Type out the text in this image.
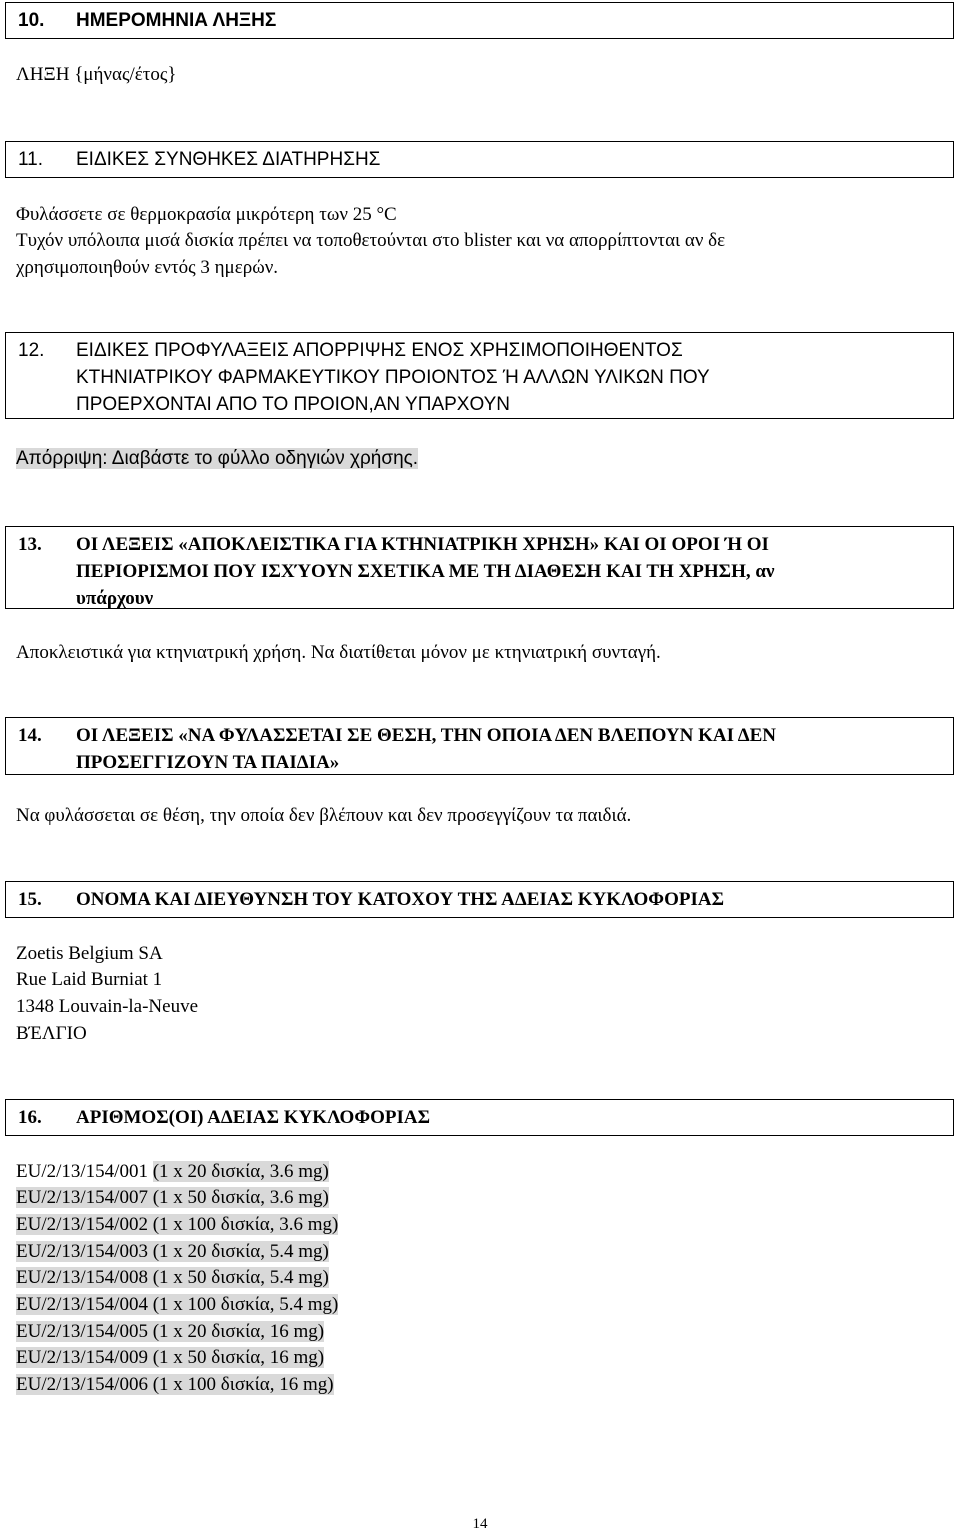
10.	ΗΜΕΡΟΜΗΝΙΑ ΛΗΞΗΣ
ΛΗΞΗ {μήνας/έτος}
11.	ΕΙΔΙΚΕΣ ΣΥΝΘΗΚΕΣ ΔΙΑΤΗΡΗΣΗΣ
Φυλάσσετε σε θερμοκρασία μικρότερη των 25 °C
Τυχόν υπόλοιπα μισά δισκία πρέπει να τοποθετούνται στο blister και να απορρίπτονται αν δε
χρησιμοποιηθούν εντός 3 ημερών.
12.	ΕΙΔΙΚΕΣ ΠΡΟΦΥΛΑΞΕΙΣ ΑΠΟΡΡΙΨΗΣ ΕΝΟΣ ΧΡΗΣΙΜΟΠΟΙΗΘΕΝΤΟΣ
ΚΤΗΝΙΑΤΡΙΚΟΥ ΦΑΡΜΑΚΕΥΤΙΚΟΥ ΠΡΟΙΟΝΤΟΣ Ή ΑΛΛΩΝ ΥΛΙΚΩΝ ΠΟΥ
ΠΡΟΕΡΧΟΝΤΑΙ ΑΠΟ ΤΟ ΠΡΟΙΟΝ,ΑΝ ΥΠΑΡΧΟΥΝ
Απόρριψη: Διαβάστε το φύλλο οδηγιών χρήσης.
13.	ΟΙ ΛΕΞΕΙΣ «ΑΠΟΚΛΕΙΣΤΙΚΑ ΓΙΑ ΚΤΗΝΙΑΤΡΙΚΗ ΧΡΗΣΗ» ΚΑΙ ΟΙ ΟΡΟΙ Ή ΟΙ
ΠΕΡΙΟΡΙΣΜΟΙ ΠΟΥ ΙΣΧΎΟΥΝ ΣΧΕΤΙΚΑ ΜΕ ΤΗ ΔΙΑΘΕΣΗ ΚΑΙ ΤΗ ΧΡΗΣΗ, αν
υπάρχουν
Αποκλειστικά για κτηνιατρική χρήση. Να διατίθεται μόνον με κτηνιατρική συνταγή.
14.	ΟΙ ΛΕΞΕΙΣ «ΝΑ ΦΥΛΑΣΣΕΤΑΙ ΣΕ ΘΕΣΗ, ΤΗΝ ΟΠΟΙΑ ΔΕΝ ΒΛΕΠΟΥΝ ΚΑΙ ΔΕΝ
ΠΡΟΣΕΓΓΙΖΟΥΝ ΤΑ ΠΑΙΔΙΑ»
Να φυλάσσεται σε θέση, την οποία δεν βλέπουν και δεν προσεγγίζουν τα παιδιά.
15.	ΟΝΟΜΑ ΚΑΙ ΔΙΕΥΘΥΝΣΗ ΤΟΥ ΚΑΤΟΧΟΥ ΤΗΣ ΑΔΕΙΑΣ ΚΥΚΛΟΦΟΡΙΑΣ
Zoetis Belgium SA
Rue Laid Burniat 1
1348 Louvain-la-Neuve
ΒΈΛΓΙΟ
16.	ΑΡΙΘΜΟΣ(ΟΙ) ΑΔΕΙΑΣ ΚΥΚΛΟΦΟΡΙΑΣ
EU/2/13/154/001 (1 x 20 δισκία, 3.6 mg)
EU/2/13/154/007 (1 x 50 δισκία, 3.6 mg)
EU/2/13/154/002 (1 x 100 δισκία, 3.6 mg)
EU/2/13/154/003 (1 x 20 δισκία, 5.4 mg)
EU/2/13/154/008 (1 x 50 δισκία, 5.4 mg)
EU/2/13/154/004 (1 x 100 δισκία, 5.4 mg)
EU/2/13/154/005 (1 x 20 δισκία, 16 mg)
EU/2/13/154/009 (1 x 50 δισκία, 16 mg)
EU/2/13/154/006 (1 x 100 δισκία, 16 mg)
14
